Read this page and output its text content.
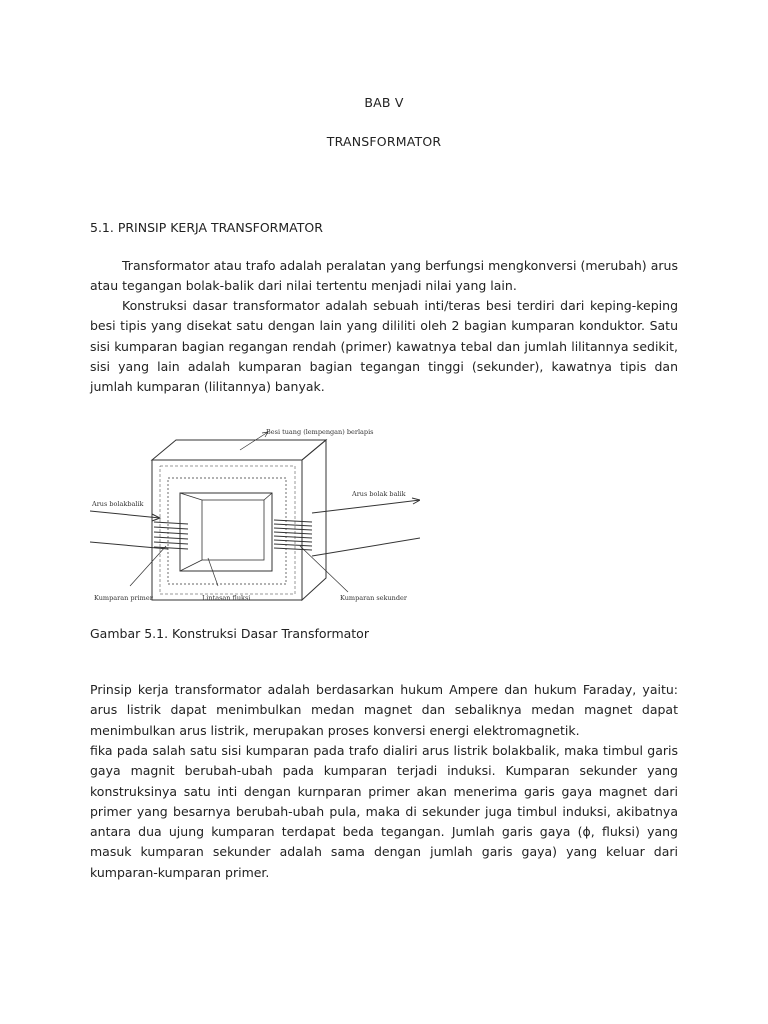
BAB V
TRANSFORMATOR
5.1. PRINSIP KERJA TRANSFORMATOR

Transformator atau trafo adalah peralatan yang berfungsi mengkonversi (merubah) arus atau tegangan bolak-balik dari nilai tertentu menjadi nilai yang lain.

Konstruksi dasar transformator adalah sebuah inti/teras besi terdiri dari keping-keping besi tipis yang disekat satu dengan lain yang dililiti oleh 2 bagian kumparan konduktor. Satu sisi kumparan bagian regangan rendah (primer) kawatnya tebal dan jumlah lilitannya sedikit, sisi yang lain adalah kumparan bagian tegangan tinggi (sekunder), kawatnya tipis dan jumlah kumparan (lilitannya) banyak.

Besi tuang (lempengan) berlapis
Arus bolakbalik
Arus bolak balik
Kumparan primer	Lintasan fluksi	Kumparan sekunder
Gambar 5.1. Konstruksi Dasar Transformator

Prinsip kerja transformator adalah berdasarkan hukum Ampere dan hukum Faraday, yaitu: arus listrik dapat menimbulkan medan magnet dan sebaliknya medan magnet dapat menimbulkan arus listrik, merupakan proses konversi energi elektromagnetik.

fika pada salah satu sisi kumparan pada trafo dialiri arus listrik bolakbalik, maka timbul garis gaya magnit berubah-ubah pada kumparan terjadi induksi. Kumparan sekunder yang konstruksinya satu inti dengan kurnparan primer akan menerima garis gaya magnet dari primer yang besarnya berubah-ubah pula, maka di sekunder juga timbul induksi, akibatnya antara dua ujung kumparan terdapat beda tegangan. Jumlah garis gaya (ϕ, fluksi) yang masuk kumparan sekunder adalah sama dengan jumlah garis gaya) yang keluar dari kumparan-kumparan primer.
